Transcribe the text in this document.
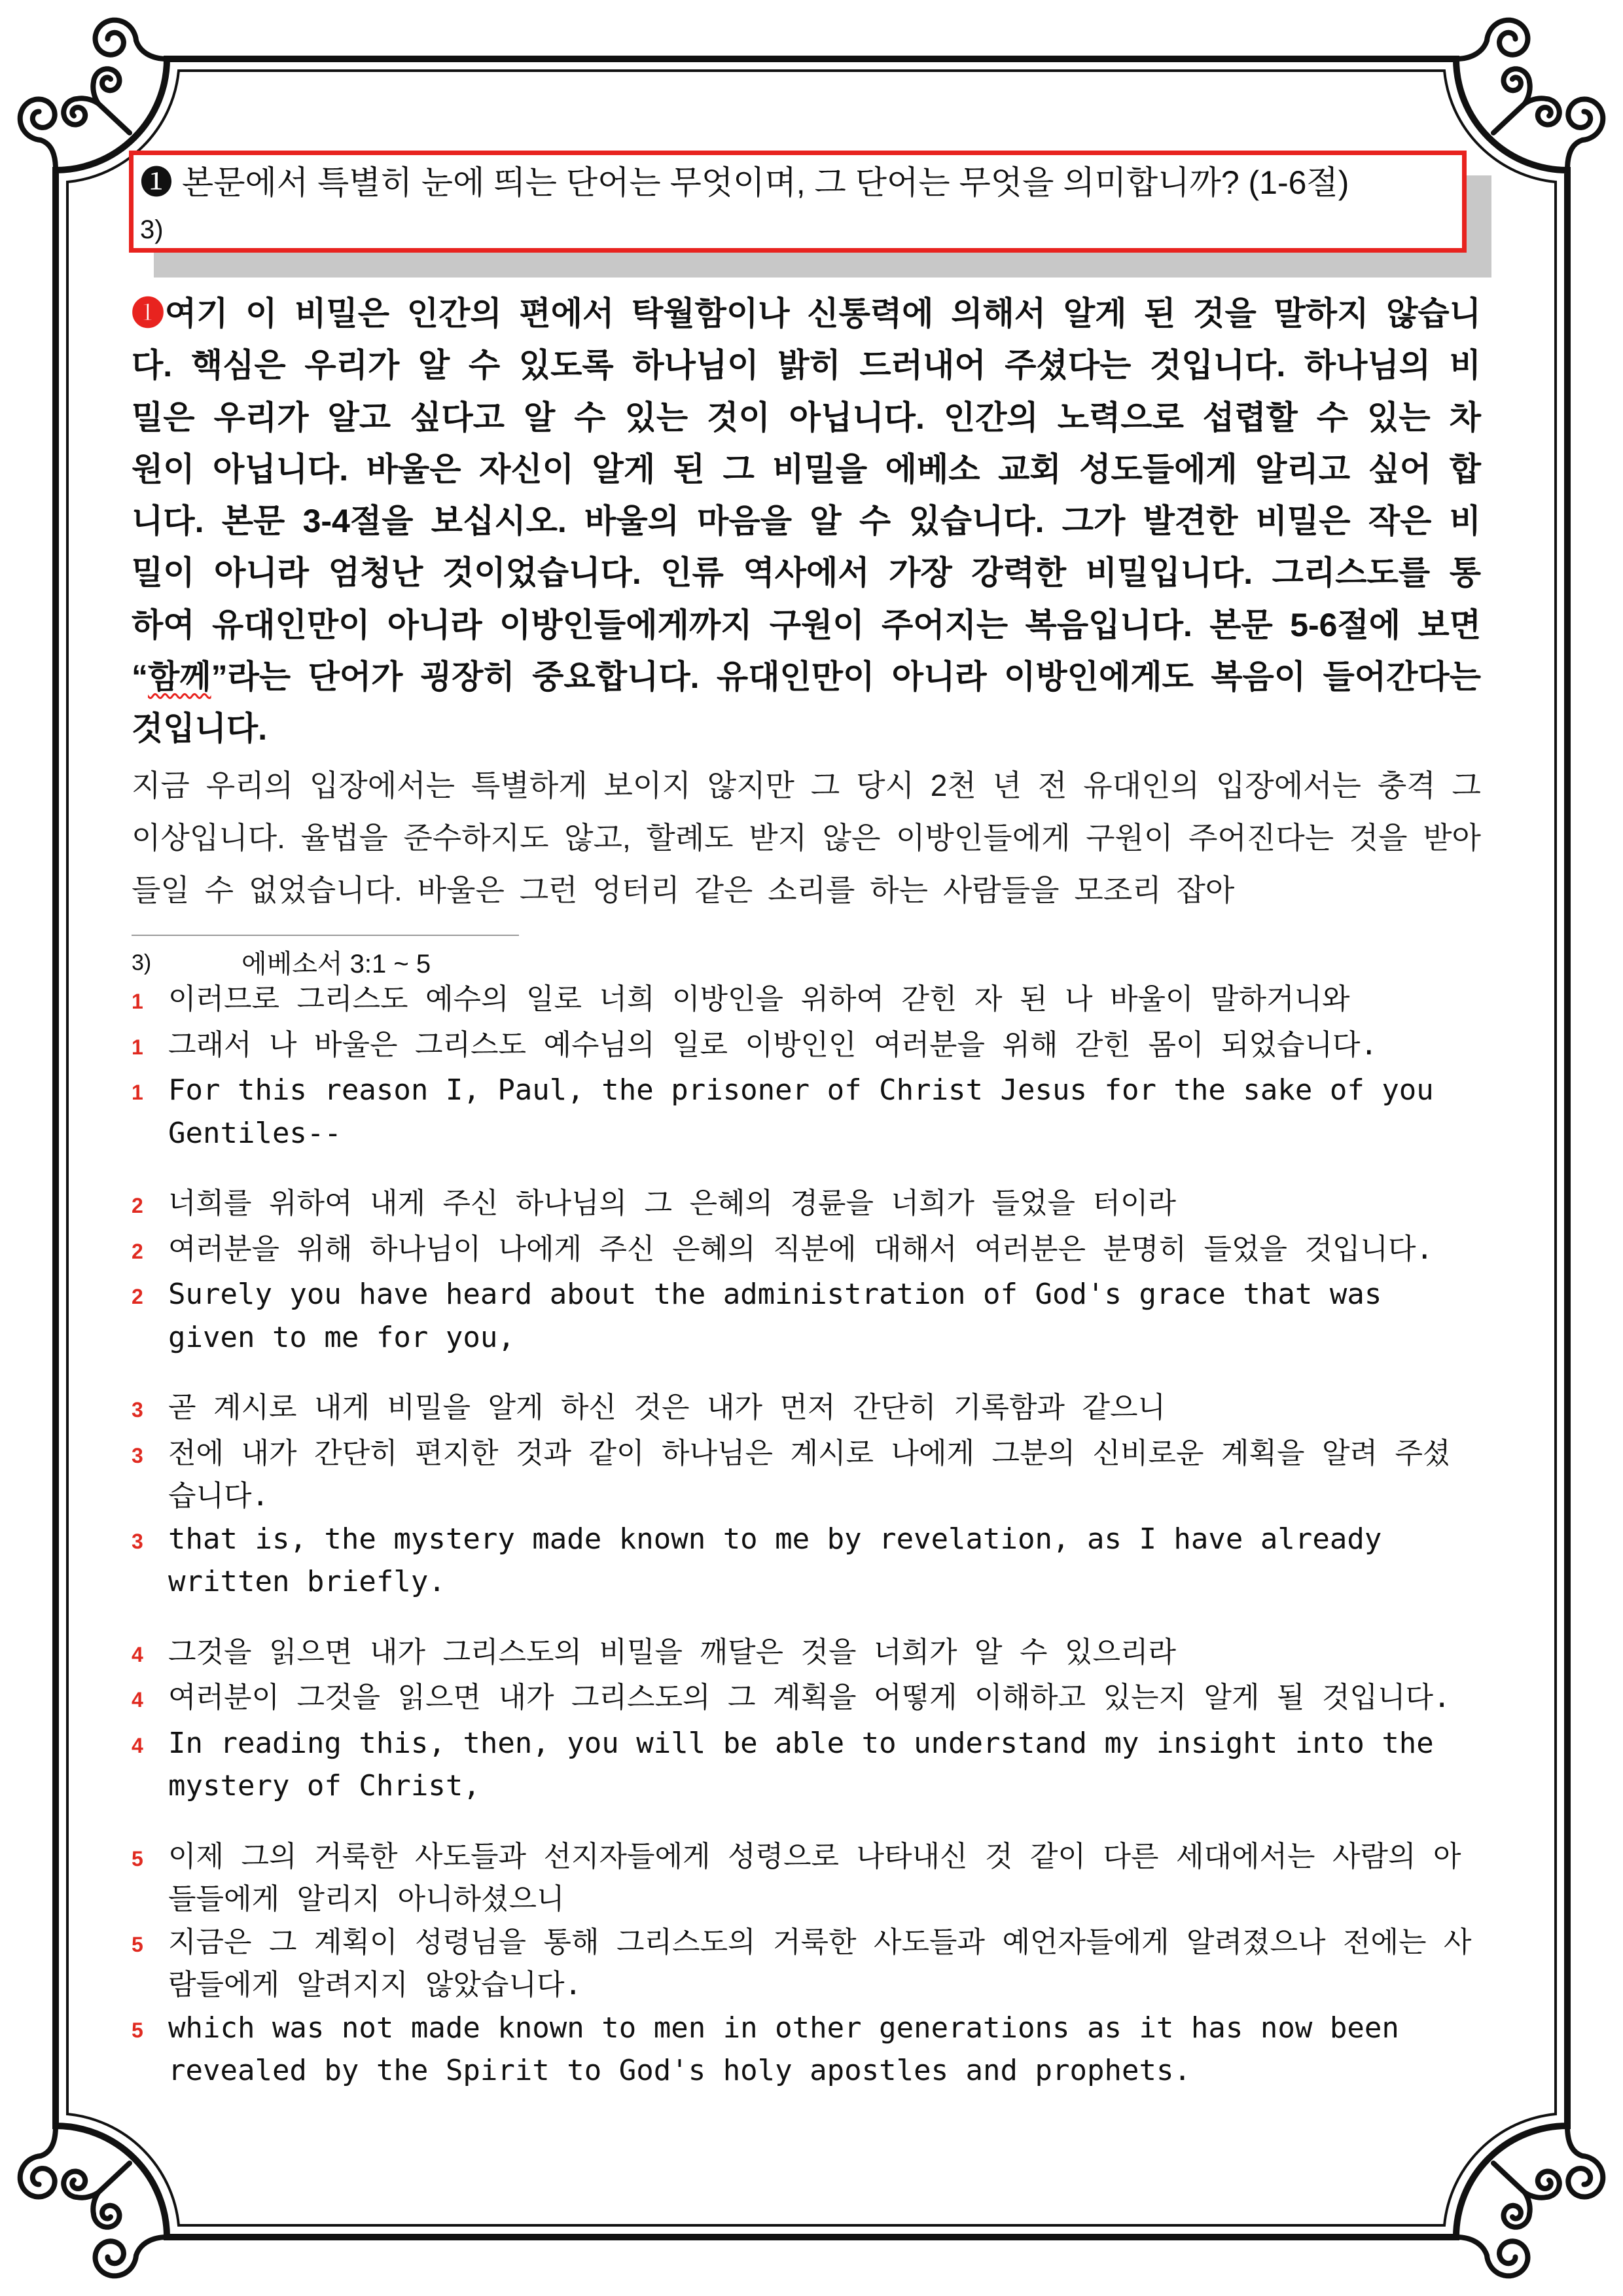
❶ 본문에서 특별히 눈에 띄는 단어는 무엇이며, 그 단어는 무엇을 의미합니까? (1-6절)
3)
❶여기 이 비밀은 인간의 편에서 탁월함이나 신통력에 의해서 알게 된 것을 말하지 않습니다. 핵심은 우리가 알 수 있도록 하나님이 밝히 드러내어 주셨다는 것입니다. 하나님의 비밀은 우리가 알고 싶다고 알 수 있는 것이 아닙니다. 인간의 노력으로 섭렵할 수 있는 차원이 아닙니다. 바울은 자신이 알게 된 그 비밀을 에베소 교회 성도들에게 알리고 싶어 합니다. 본문 3-4절을 보십시오. 바울의 마음을 알 수 있습니다. 그가 발견한 비밀은 작은 비밀이 아니라 엄청난 것이었습니다. 인류 역사에서 가장 강력한 비밀입니다. 그리스도를 통하여 유대인만이 아니라 이방인들에게까지 구원이 주어지는 복음입니다. 본문 5-6절에 보면 “함께”라는 단어가 굉장히 중요합니다. 유대인만이 아니라 이방인에게도 복음이 들어간다는 것입니다.
지금 우리의 입장에서는 특별하게 보이지 않지만 그 당시 2천 년 전 유대인의 입장에서는 충격 그 이상입니다. 율법을 준수하지도 않고, 할례도 받지 않은 이방인들에게 구원이 주어진다는 것을 받아들일 수 없었습니다. 바울은 그런 엉터리 같은 소리를 하는 사람들을 모조리 잡아
3)	에베소서 3:1 ~ 5
1 이러므로 그리스도 예수의 일로 너희 이방인을 위하여 갇힌 자 된 나 바울이 말하거니와
1 그래서 나 바울은 그리스도 예수님의 일로 이방인인 여러분을 위해 갇힌 몸이 되었습니다.
1 For this reason I, Paul, the prisoner of Christ Jesus for the sake of you Gentiles--
2 너희를 위하여 내게 주신 하나님의 그 은혜의 경륜을 너희가 들었을 터이라
2 여러분을 위해 하나님이 나에게 주신 은혜의 직분에 대해서 여러분은 분명히 들었을 것입니다.
2 Surely you have heard about the administration of God's grace that was given to me for you,
3 곧 계시로 내게 비밀을 알게 하신 것은 내가 먼저 간단히 기록함과 같으니
3 전에 내가 간단히 편지한 것과 같이 하나님은 계시로 나에게 그분의 신비로운 계획을 알려 주셨습니다.
3 that is, the mystery made known to me by revelation, as I have already written briefly.
4 그것을 읽으면 내가 그리스도의 비밀을 깨달은 것을 너희가 알 수 있으리라
4 여러분이 그것을 읽으면 내가 그리스도의 그 계획을 어떻게 이해하고 있는지 알게 될 것입니다.
4 In reading this, then, you will be able to understand my insight into the mystery of Christ,
5 이제 그의 거룩한 사도들과 선지자들에게 성령으로 나타내신 것 같이 다른 세대에서는 사람의 아들들에게 알리지 아니하셨으니
5 지금은 그 계획이 성령님을 통해 그리스도의 거룩한 사도들과 예언자들에게 알려졌으나 전에는 사람들에게 알려지지 않았습니다.
5 which was not made known to men in other generations as it has now been revealed by the Spirit to God's holy apostles and prophets.
